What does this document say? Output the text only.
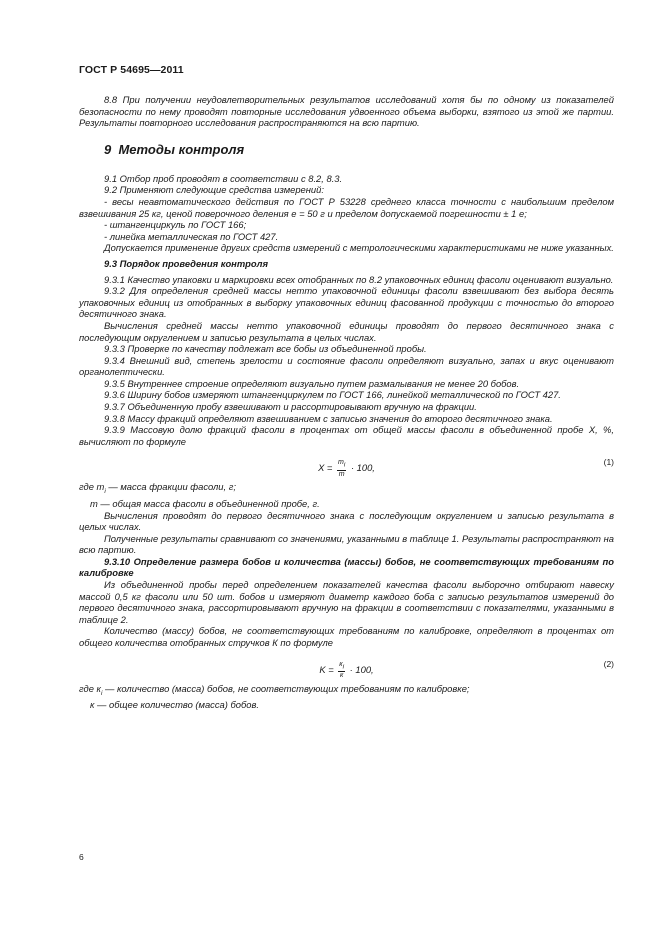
ГОСТ Р 54695—2011

8.8 При получении неудовлетворительных результатов исследований хотя бы по одному из показателей безопасности по нему проводят повторные исследования удвоенного объема выборки, взятого из этой же партии. Результаты повторного исследования распространяются на всю партию.

9 Методы контроля

9.1 Отбор проб проводят в соответствии с 8.2, 8.3.

9.2 Применяют следующие средства измерений:

- весы неавтоматического действия по ГОСТ Р 53228 среднего класса точности с наибольшим пределом взвешивания 25 кг, ценой поверочного деления е = 50 г и пределом допускаемой погрешности ± 1 е;

- штангенциркуль по ГОСТ 166;

- линейка металлическая по ГОСТ 427.

Допускается применение других средств измерений с метрологическими характеристиками не ниже указанных.

9.3 Порядок проведения контроля

9.3.1 Качество упаковки и маркировки всех отобранных по 8.2 упаковочных единиц фасоли оценивают визуально.

9.3.2 Для определения средней массы нетто упаковочной единицы фасоли взвешивают без выбора десять упаковочных единиц из отобранных в выборку упаковочных единиц фасованной продукции с точностью до второго десятичного знака.

Вычисления средней массы нетто упаковочной единицы проводят до первого десятичного знака с последующим округлением и записью результата в целых числах.

9.3.3 Проверке по качеству подлежат все бобы из объединенной пробы.

9.3.4 Внешний вид, степень зрелости и состояние фасоли определяют визуально, запах и вкус оценивают органолептически.

9.3.5 Внутреннее строение определяют визуально путем размалывания не менее 20 бобов.

9.3.6 Ширину бобов измеряют штангенциркулем по ГОСТ 166, линейкой металлической по ГОСТ 427.

9.3.7 Объединенную пробу взвешивают и рассортировывают вручную на фракции.

9.3.8 Массу фракций определяют взвешиванием с записью значения до второго десятичного знака.

9.3.9 Массовую долю фракций фасоли в процентах от общей массы фасоли в объединенной пробе X, %, вычисляют по формуле

$X = \frac{m_i}{m} \cdot 100$,
(1)

где $m_i$ — масса фракции фасоли, г;

m — общая масса фасоли в объединенной пробе, г.

Вычисления проводят до первого десятичного знака с последующим округлением и записью результата в целых числах.

Полученные результаты сравнивают со значениями, указанными в таблице 1. Результаты распространяют на всю партию.

9.3.10 Определение размера бобов и количества (массы) бобов, не соответствующих требованиям по калибровке

Из объединенной пробы перед определением показателей качества фасоли выборочно отбирают навеску массой 0,5 кг фасоли или 50 шт. бобов и измеряют диаметр каждого боба с записью результатов измерений до первого десятичного знака, рассортировывают вручную на фракции в соответствии с показателями, указанными в таблице 2.

Количество (массу) бобов, не соответствующих требованиям по калибровке, определяют в процентах от общего количества отобранных стручков К по формуле

$K = \frac{к_i}{к} \cdot 100$,
(2)

где $к_i$ — количество (масса) бобов, не соответствующих требованиям по калибровке;

к — общее количество (масса) бобов.

6
